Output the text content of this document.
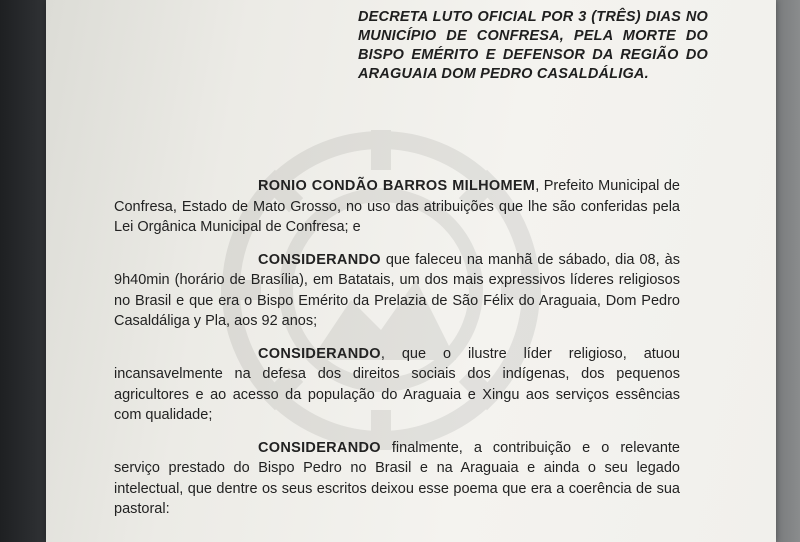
DECRETA LUTO OFICIAL POR 3 (TRÊS) DIAS NO MUNICÍPIO DE CONFRESA, PELA MORTE DO BISPO EMÉRITO E DEFENSOR DA REGIÃO DO ARAGUAIA DOM PEDRO CASALDÁLIGA.

RONIO CONDÃO BARROS MILHOMEM, Prefeito Municipal de Confresa, Estado de Mato Grosso, no uso das atribuições que lhe são conferidas pela Lei Orgânica Municipal de Confresa; e

CONSIDERANDO que faleceu na manhã de sábado, dia 08, às 9h40min (horário de Brasília), em Batatais, um dos mais expressivos líderes religiosos no Brasil e que era o Bispo Emérito da Prelazia de São Félix do Araguaia, Dom Pedro Casaldáliga y Pla, aos 92 anos;

CONSIDERANDO, que o ilustre líder religioso, atuou incansavelmente na defesa dos direitos sociais dos indígenas, dos pequenos agricultores e ao acesso da população do Araguaia e Xingu aos serviços essências com qualidade;

CONSIDERANDO finalmente, a contribuição e o relevante serviço prestado do Bispo Pedro no Brasil e na Araguaia e ainda o seu legado intelectual, que dentre os seus escritos deixou esse poema que era a coerência de sua pastoral:
